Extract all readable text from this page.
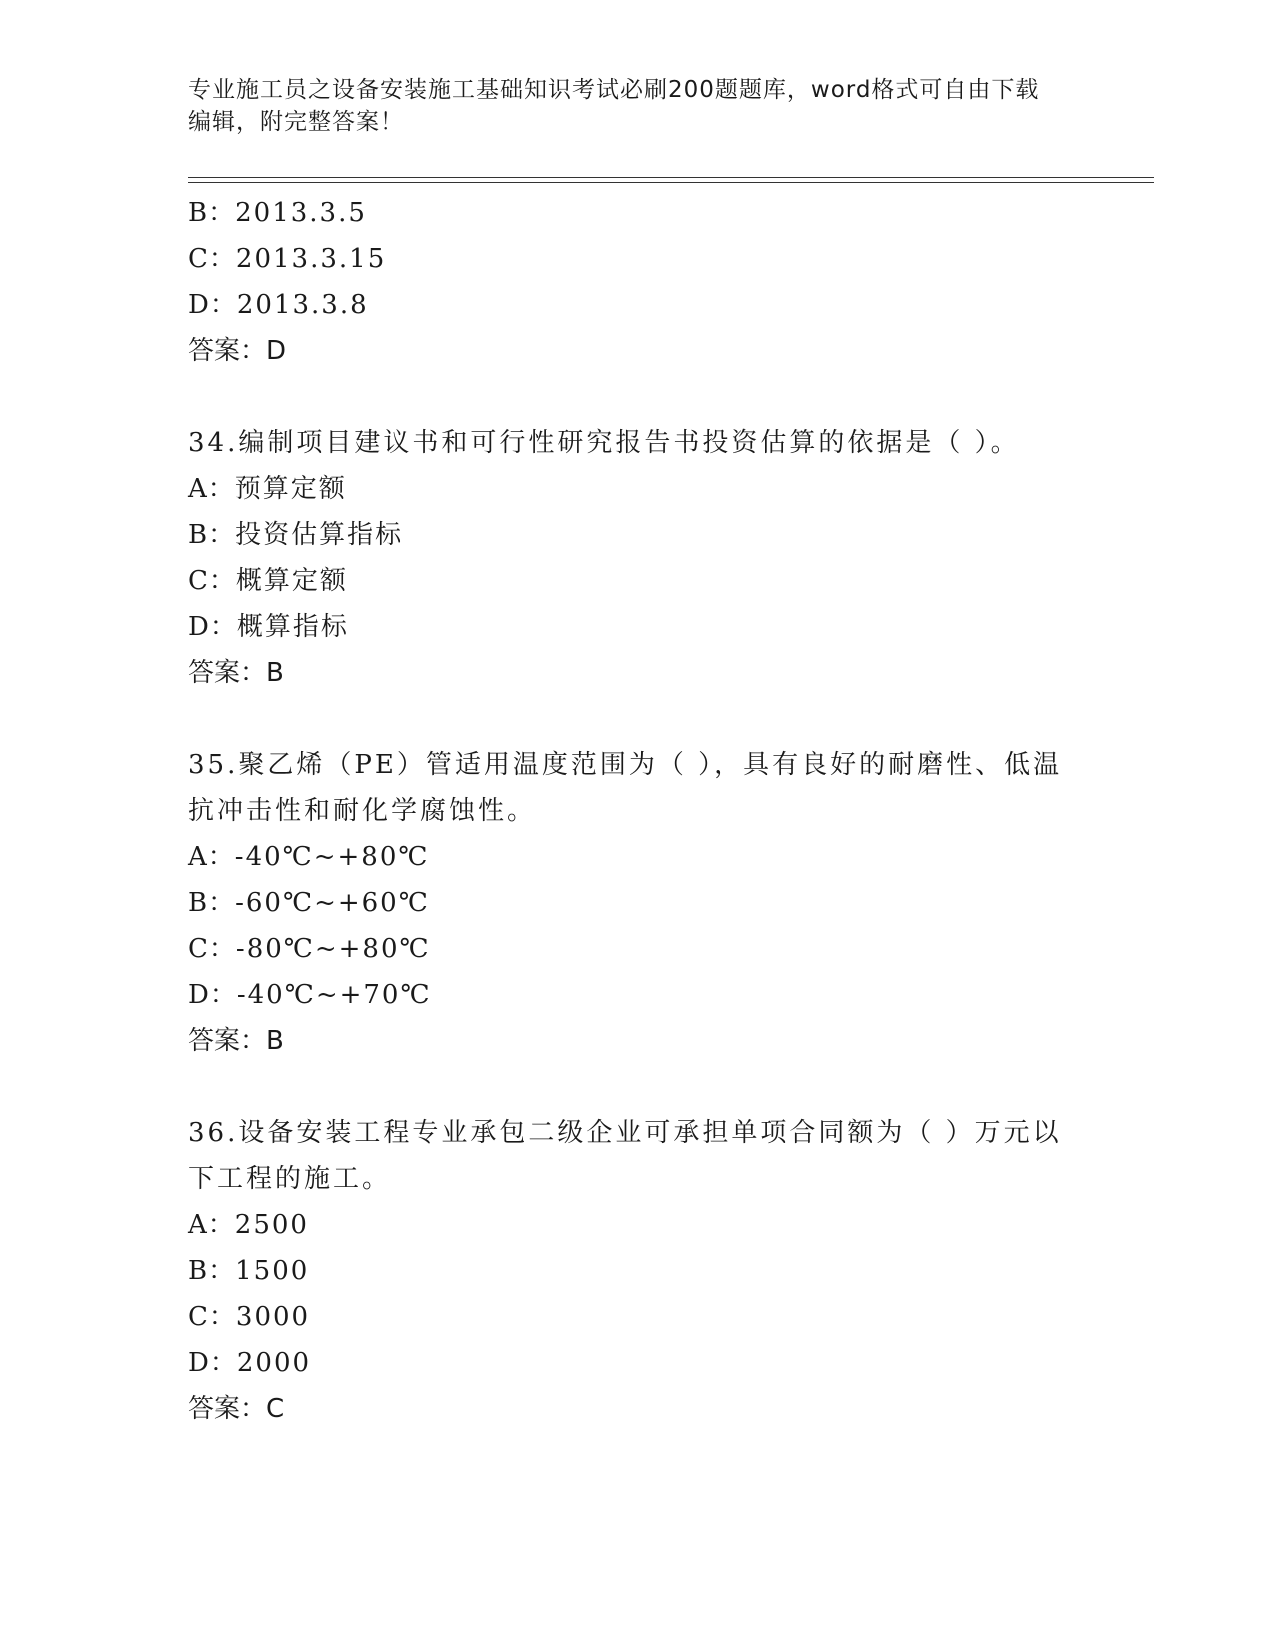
专业施工员之设备安装施工基础知识考试必刷200题题库，word格式可自由下载
编辑，附完整答案！
B：2013.3.5
C：2013.3.15
D：2013.3.8
答案：D
34.编制项目建议书和可行性研究报告书投资估算的依据是（ ）。
A：预算定额
B：投资估算指标
C：概算定额
D：概算指标
答案：B
35.聚乙烯（PE）管适用温度范围为（ ），具有良好的耐磨性、低温
抗冲击性和耐化学腐蚀性。
A：-40℃~+80℃
B：-60℃~+60℃
C：-80℃~+80℃
D：-40℃~+70℃
答案：B
36.设备安装工程专业承包二级企业可承担单项合同额为（ ）万元以
下工程的施工。
A：2500
B：1500
C：3000
D：2000
答案：C
